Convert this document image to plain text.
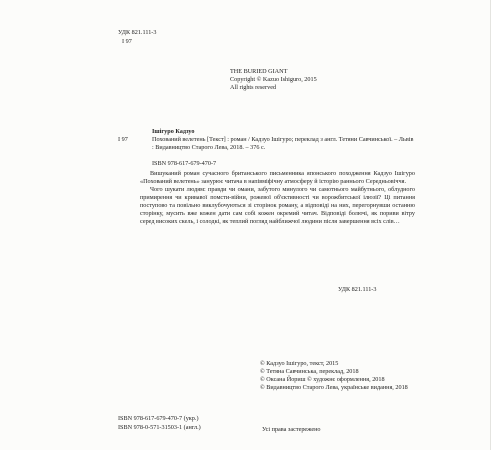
УДК 821.111-3
І 97
THE BURIED GIANT
Copyright © Kazuo Ishiguro, 2015
All rights reserved
Ішігуро Кадзуо
І 97	Похований велетень [Текст] : роман / Кадзуо Ішігуро; переклад з англ. Тетяни Савчинської. – Львів : Видавництво Старого Лева, 2018. – 376 с.
ISBN 978-617-679-470-7

Вишуканий роман сучасного британського письменника японського походження Кадзуо Ішігуро «Похований велетень» занурює читача в напівміфічну атмосферу й історію раннього Середньовіччя.

Чого шукати людям: правди чи омани, забутого минулого чи самотнього майбутнього, облудного примирення чи кривавої помсти-війни, рожевої об'єктивності чи ворожбитської ілюзії? Ці питання поступово та повільно виклубочуються зі сторінок роману, а відповіді на них, перегорнувши останню сторінку, мусить вже кожен дати сам собі кожен окремий читач. Відповіді болючі, як пориви вітру серед високих скель, і солодкі, як теплий погляд найближчої людини після завершення всіх слів…

УДК 821.111-3
© Кадзуо Ішігуро, текст, 2015
© Тетяна Савчинська, переклад, 2018
© Оксана Йориш © художнє оформлення, 2018
© Видавництво Старого Лева, українське видання, 2018
ISBN 978-617-679-470-7 (укр.)
ISBN 978-0-571-31503-1 (англ.)	Усі права застережено
